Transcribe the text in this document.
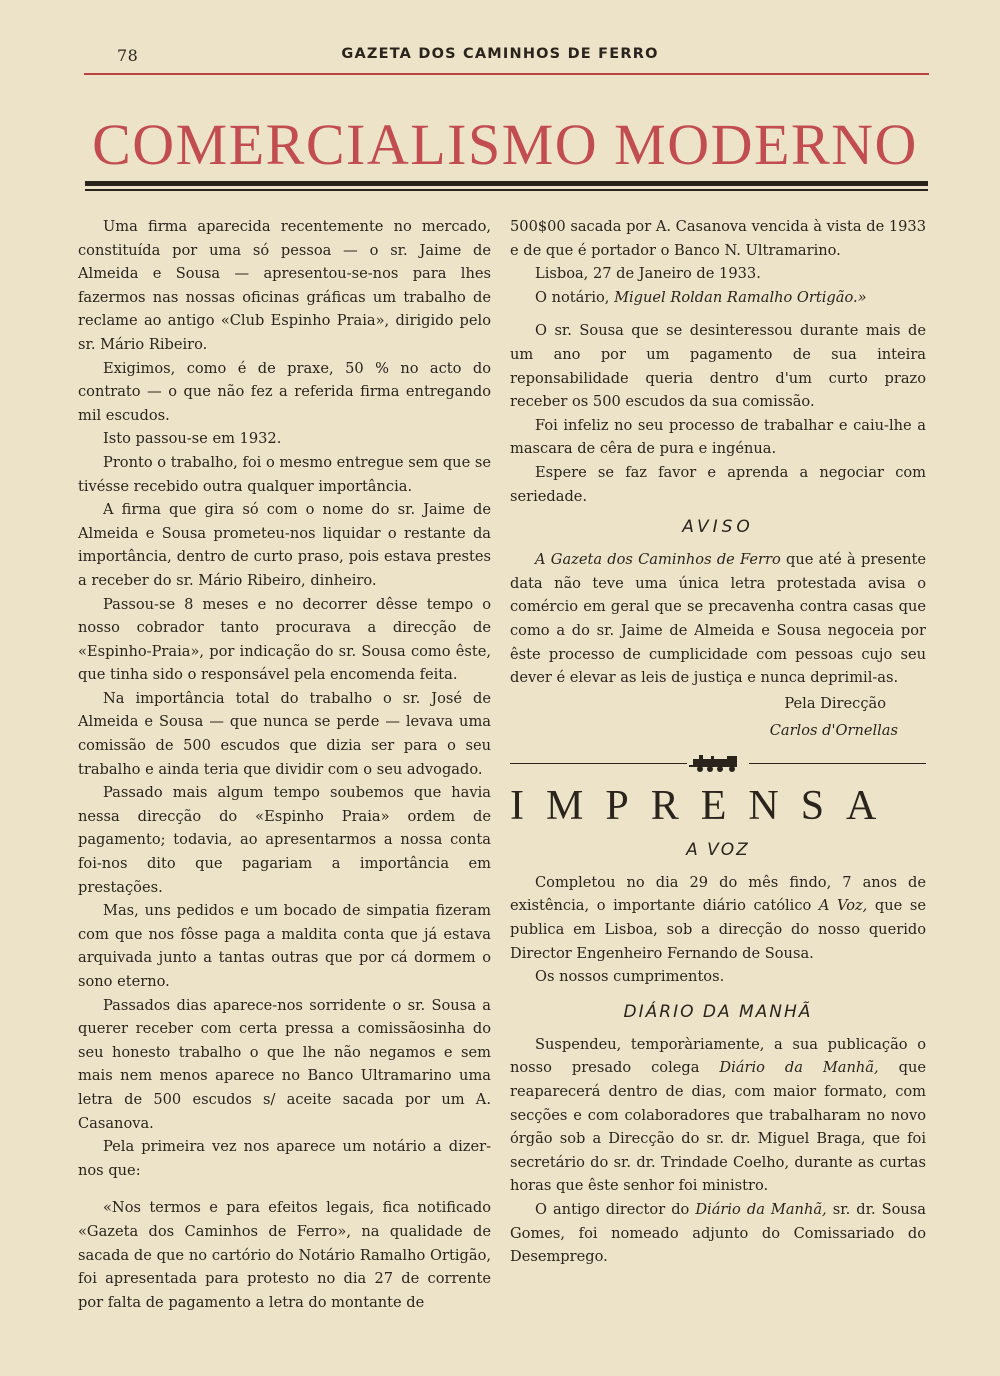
78	GAZETA DOS CAMINHOS DE FERRO
COMERCIALISMO MODERNO

Uma firma aparecida recentemente no mercado, constituída por uma só pessoa — o sr. Jaime de Almeida e Sousa — apresentou-se-nos para lhes fazermos nas nossas oficinas gráficas um trabalho de reclame ao antigo «Club Espinho Praia», dirigido pelo sr. Mário Ribeiro.

Exigimos, como é de praxe, 50 % no acto do contrato — o que não fez a referida firma entregando mil escudos.

Isto passou-se em 1932.

Pronto o trabalho, foi o mesmo entregue sem que se tivésse recebido outra qualquer importância.

A firma que gira só com o nome do sr. Jaime de Almeida e Sousa prometeu-nos liquidar o restante da importância, dentro de curto praso, pois estava prestes a receber do sr. Mário Ribeiro, dinheiro.

Passou-se 8 meses e no decorrer dêsse tempo o nosso cobrador tanto procurava a direcção de «Espinho-Praia», por indicação do sr. Sousa como êste, que tinha sido o responsável pela encomenda feita.

Na importância total do trabalho o sr. José de Almeida e Sousa — que nunca se perde — levava uma comissão de 500 escudos que dizia ser para o seu trabalho e ainda teria que dividir com o seu advogado.

Passado mais algum tempo soubemos que havia nessa direcção do «Espinho Praia» ordem de pagamento; todavia, ao apresentarmos a nossa conta foi-nos dito que pagariam a importância em prestações.

Mas, uns pedidos e um bocado de simpatia fizeram com que nos fôsse paga a maldita conta que já estava arquivada junto a tantas outras que por cá dormem o sono eterno.

Passados dias aparece-nos sorridente o sr. Sousa a querer receber com certa pressa a comissãosinha do seu honesto trabalho o que lhe não negamos e sem mais nem menos aparece no Banco Ultramarino uma letra de 500 escudos s/ aceite sacada por um A. Casanova.

Pela primeira vez nos aparece um notário a dizer-nos que:

«Nos termos e para efeitos legais, fica notificado «Gazeta dos Caminhos de Ferro», na qualidade de sacada de que no cartório do Notário Ramalho Ortigão, foi apresentada para protesto no dia 27 de corrente por falta de pagamento a letra do montante de

500$00 sacada por A. Casanova vencida à vista de 1933 e de que é portador o Banco N. Ultramarino.

Lisboa, 27 de Janeiro de 1933.

O notário, Miguel Roldan Ramalho Ortigão.»

O sr. Sousa que se desinteressou durante mais de um ano por um pagamento de sua inteira reponsabilidade queria dentro d'um curto prazo receber os 500 escudos da sua comissão.

Foi infeliz no seu processo de trabalhar e caiu-lhe a mascara de cêra de pura e ingénua.

Espere se faz favor e aprenda a negociar com seriedade.

AVISO

A Gazeta dos Caminhos de Ferro que até à presente data não teve uma única letra protestada avisa o comércio em geral que se precavenha contra casas que como a do sr. Jaime de Almeida e Sousa negoceia por êste processo de cumplicidade com pessoas cujo seu dever é elevar as leis de justiça e nunca deprimil-as.

Pela Direcção

Carlos d'Ornellas

IMPRENSA
A VOZ

Completou no dia 29 do mês findo, 7 anos de existência, o importante diário católico A Voz, que se publica em Lisboa, sob a direcção do nosso querido Director Engenheiro Fernando de Sousa.

Os nossos cumprimentos.

DIÁRIO DA MANHÃ

Suspendeu, temporàriamente, a sua publicação o nosso presado colega Diário da Manhã, que reaparecerá dentro de dias, com maior formato, com secções e com colaboradores que trabalharam no novo órgão sob a Direcção do sr. dr. Miguel Braga, que foi secretário do sr. dr. Trindade Coelho, durante as curtas horas que êste senhor foi ministro.

O antigo director do Diário da Manhã, sr. dr. Sousa Gomes, foi nomeado adjunto do Comissariado do Desemprego.
